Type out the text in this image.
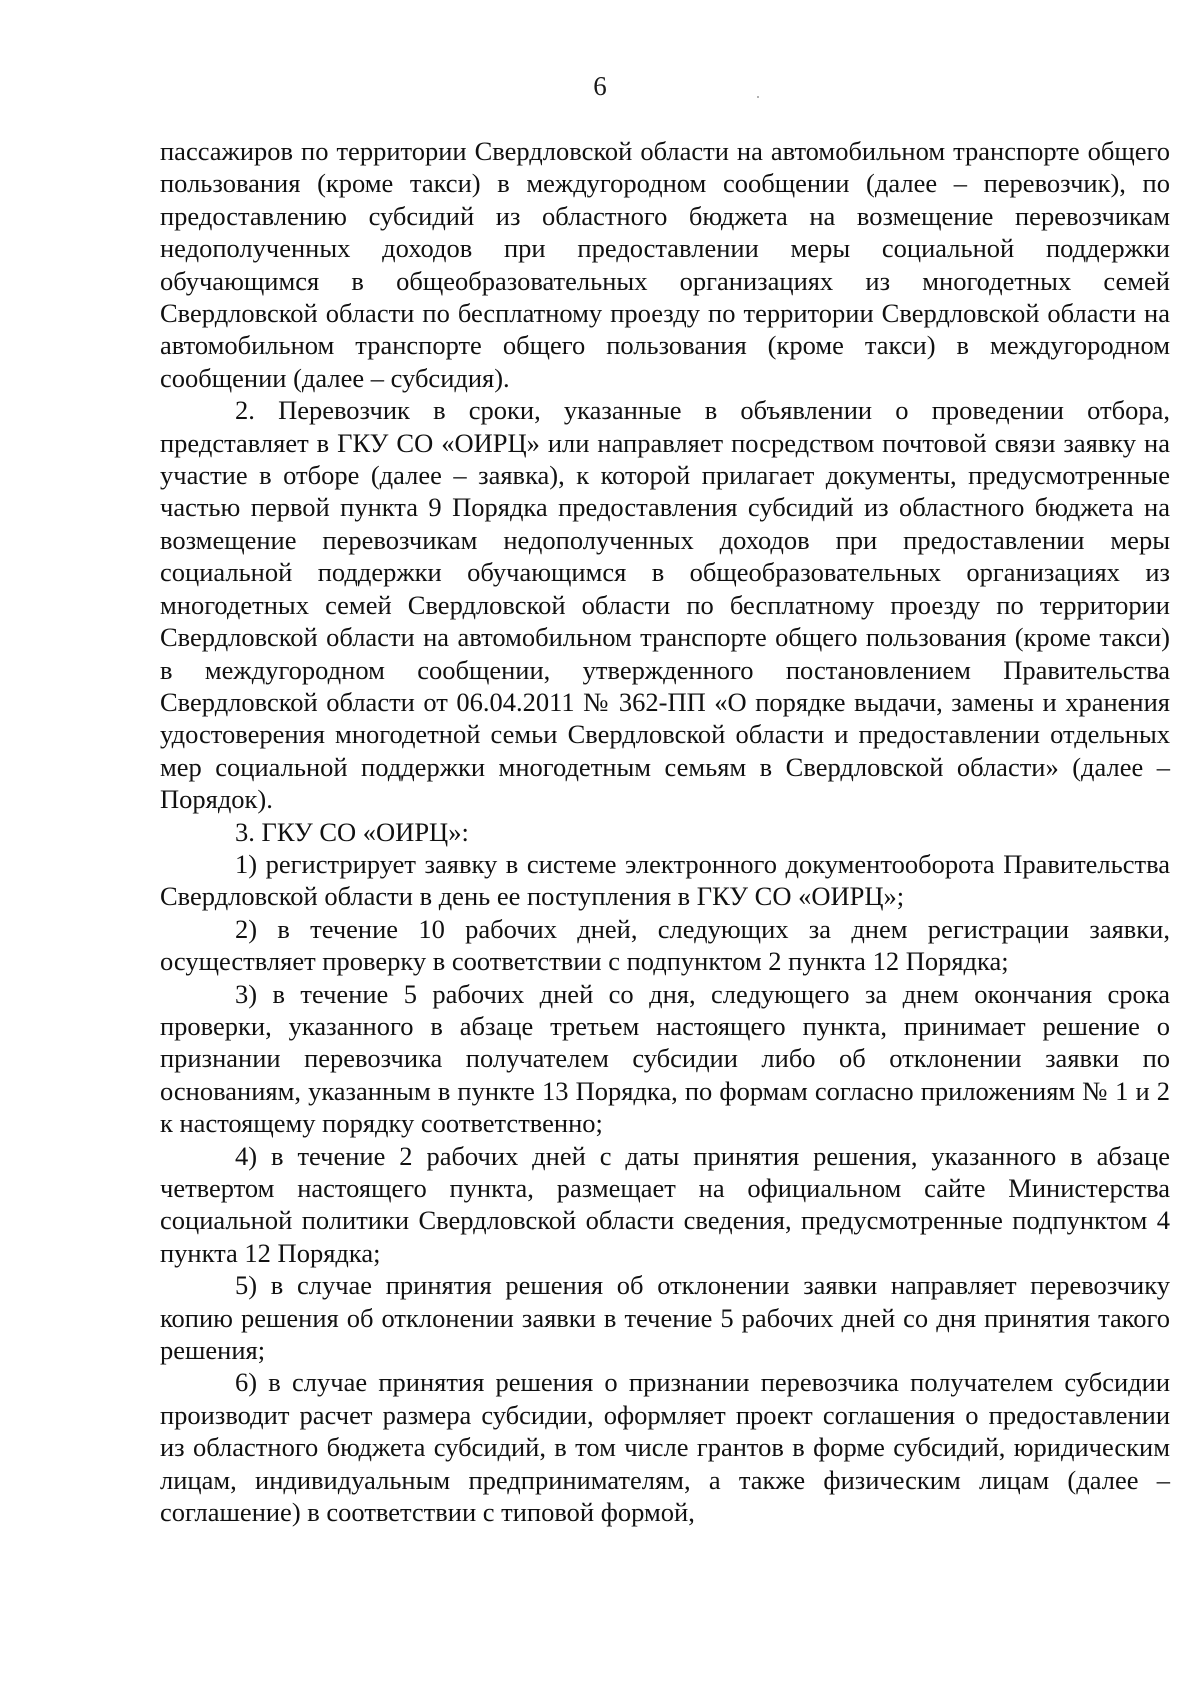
6

пассажиров по территории Свердловской области на автомобильном транспорте общего пользования (кроме такси) в междугородном сообщении (далее – перевозчик), по предоставлению субсидий из областного бюджета на возмещение перевозчикам недополученных доходов при предоставлении меры социальной поддержки обучающимся в общеобразовательных организациях из многодетных семей Свердловской области по бесплатному проезду по территории Свердловской области на автомобильном транспорте общего пользования (кроме такси) в междугородном сообщении (далее – субсидия).

2. Перевозчик в сроки, указанные в объявлении о проведении отбора, представляет в ГКУ СО «ОИРЦ» или направляет посредством почтовой связи заявку на участие в отборе (далее – заявка), к которой прилагает документы, предусмотренные частью первой пункта 9 Порядка предоставления субсидий из областного бюджета на возмещение перевозчикам недополученных доходов при предоставлении меры социальной поддержки обучающимся в общеобразовательных организациях из многодетных семей Свердловской области по бесплатному проезду по территории Свердловской области на автомобильном транспорте общего пользования (кроме такси) в междугородном сообщении, утвержденного постановлением Правительства Свердловской области от 06.04.2011 № 362-ПП «О порядке выдачи, замены и хранения удостоверения многодетной семьи Свердловской области и предоставлении отдельных мер социальной поддержки многодетным семьям в Свердловской области» (далее – Порядок).

3. ГКУ СО «ОИРЦ»:

1) регистрирует заявку в системе электронного документооборота Правительства Свердловской области в день ее поступления в ГКУ СО «ОИРЦ»;

2) в течение 10 рабочих дней, следующих за днем регистрации заявки, осуществляет проверку в соответствии с подпунктом 2 пункта 12 Порядка;

3) в течение 5 рабочих дней со дня, следующего за днем окончания срока проверки, указанного в абзаце третьем настоящего пункта, принимает решение о признании перевозчика получателем субсидии либо об отклонении заявки по основаниям, указанным в пункте 13 Порядка, по формам согласно приложениям № 1 и 2 к настоящему порядку соответственно;

4) в течение 2 рабочих дней с даты принятия решения, указанного в абзаце четвертом настоящего пункта, размещает на официальном сайте Министерства социальной политики Свердловской области сведения, предусмотренные подпунктом 4 пункта 12 Порядка;

5) в случае принятия решения об отклонении заявки направляет перевозчику копию решения об отклонении заявки в течение 5 рабочих дней со дня принятия такого решения;

6) в случае принятия решения о признании перевозчика получателем субсидии производит расчет размера субсидии, оформляет проект соглашения о предоставлении из областного бюджета субсидий, в том числе грантов в форме субсидий, юридическим лицам, индивидуальным предпринимателям, а также физическим лицам (далее – соглашение) в соответствии с типовой формой,
